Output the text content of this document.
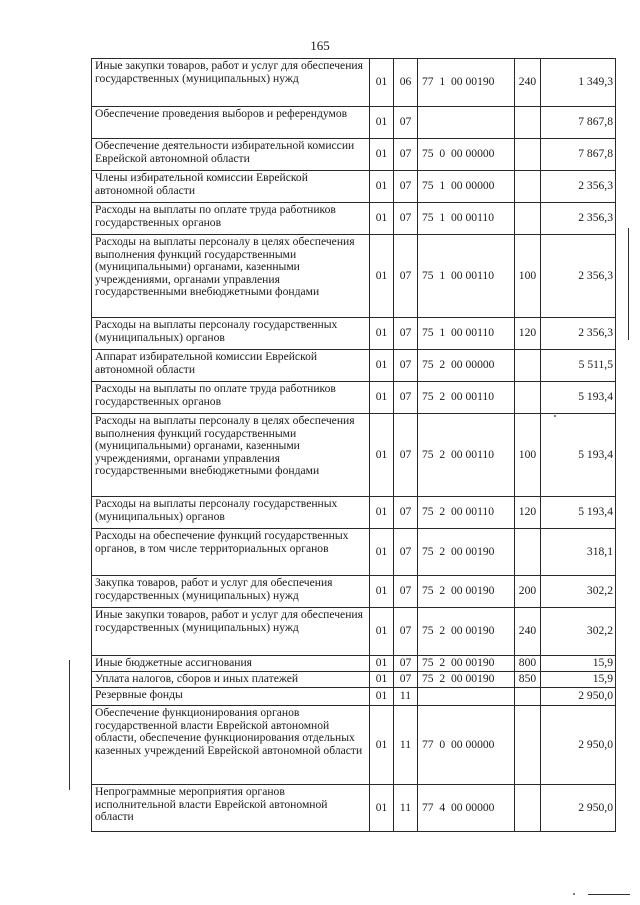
165
Иные закупки товаров, работ и услуг для обеспечения государственных (муниципальных) нужд	01	06	77  1  00 00190	240	1 349,3
Обеспечение проведения выборов и референдумов	01	07			7 867,8
Обеспечение деятельности избирательной комиссии Еврейской автономной области	01	07	75  0  00 00000		7 867,8
Члены избирательной комиссии Еврейской автономной области	01	07	75  1  00 00000		2 356,3
Расходы на выплаты по оплате труда работников государственных органов	01	07	75  1  00 00110		2 356,3
Расходы на выплаты персоналу в целях обеспечения выполнения функций государственными (муниципальными) органами, казенными учреждениями, органами управления государственными внебюджетными фондами	01	07	75  1  00 00110	100	2 356,3
Расходы на выплаты персоналу государственных (муниципальных) органов	01	07	75  1  00 00110	120	2 356,3
Аппарат избирательной комиссии Еврейской автономной области	01	07	75  2  00 00000		5 511,5
Расходы на выплаты по оплате труда работников государственных органов	01	07	75  2  00 00110		5 193,4
Расходы на выплаты персоналу в целях обеспечения выполнения функций государственными (муниципальными) органами, казенными учреждениями, органами управления государственными внебюджетными фондами	01	07	75  2  00 00110	100	5 193,4
Расходы на выплаты персоналу государственных (муниципальных) органов	01	07	75  2  00 00110	120	5 193,4
Расходы на обеспечение функций государственных органов, в том числе территориальных органов	01	07	75  2  00 00190		318,1
Закупка товаров, работ и услуг для обеспечения государственных (муниципальных) нужд	01	07	75  2  00 00190	200	302,2
Иные закупки товаров, работ и услуг для обеспечения государственных (муниципальных) нужд	01	07	75  2  00 00190	240	302,2
Иные бюджетные ассигнования	01	07	75  2  00 00190	800	15,9
Уплата налогов, сборов и иных платежей	01	07	75  2  00 00190	850	15,9
Резервные фонды	01	11			2 950,0
Обеспечение функционирования органов государственной власти Еврейской автономной области, обеспечение функционирования отдельных казенных учреждений Еврейской автономной области	01	11	77  0  00 00000		2 950,0
Непрограммные мероприятия органов исполнительной власти Еврейской автономной области	01	11	77  4  00 00000		2 950,0
